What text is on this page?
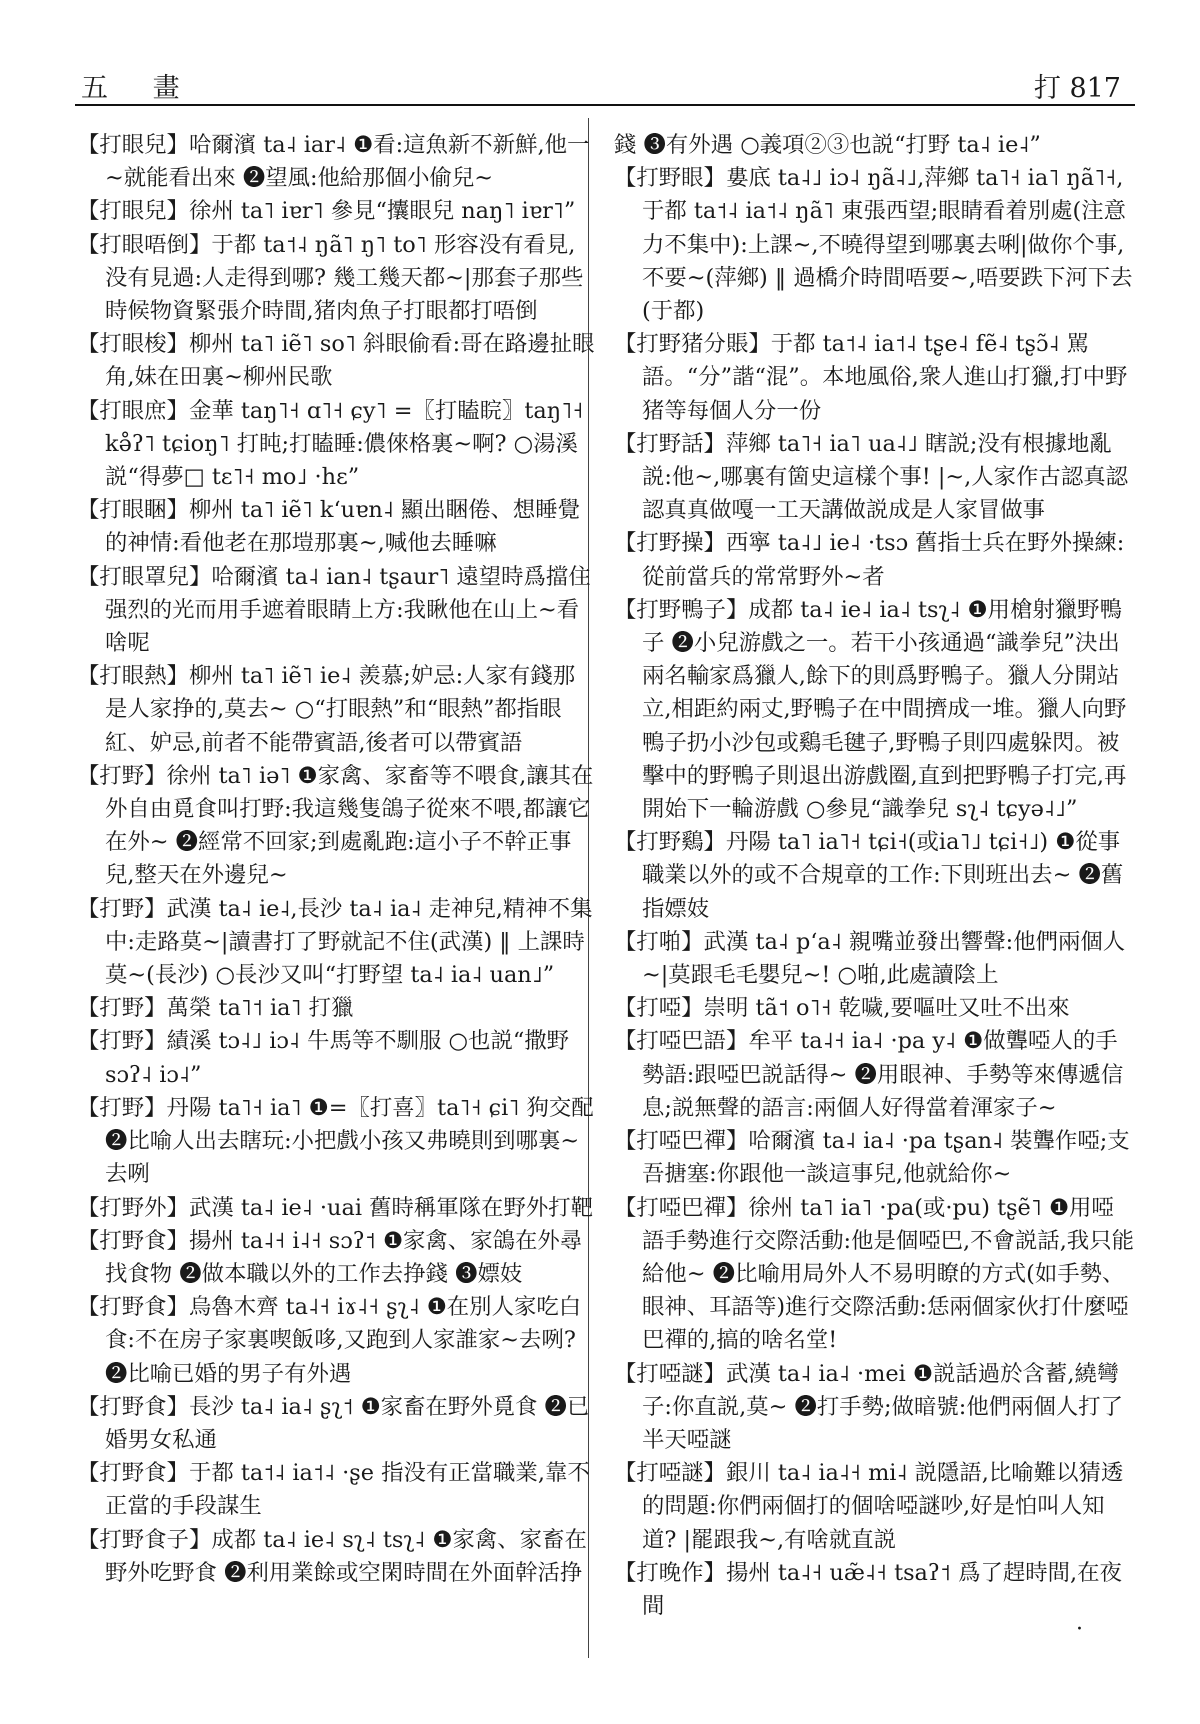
五 畫	打 817

【打眼兒】哈爾濱 ta˨ iar˨ ❶看:這魚新不新鮮,他一~就能看出來 ❷望風:他給那個小偷兒~

【打眼兒】徐州 ta˥ iɐr˥ 參見“攮眼兒 naŋ˥ iɐr˥”

【打眼唔倒】于都 ta˦˨ ŋã˥ ŋ˥ to˥ 形容没有看見,没有見過:人走得到哪? 幾工幾天都~|那套子那些時候物資緊張介時間,猪肉魚子打眼都打唔倒

【打眼梭】柳州 ta˥ iẽ˥ so˥ 斜眼偷看:哥在路邊扯眼角,妹在田裏~柳州民歌

【打眼庶】金華 taŋ˥˧ ɑ˥˧ ɕy˥ =〖打瞌睆〗taŋ˥˧ kə̊ʔ˥ tɕioŋ˥ 打盹;打瞌睡:儂倈格裏~啊? ○湯溪説“得夢□ tɛ˥˧ mo˩ ·hɛ”

【打眼睏】柳州 ta˥ iẽ˥ kʻuɐn˨ 顯出睏倦、想睡覺的神情:看他老在那塏那裏~,喊他去睡嘛

【打眼罩兒】哈爾濱 ta˨ ian˨ tʂaur˥ 遠望時爲擋住强烈的光而用手遮着眼睛上方:我瞅他在山上~看啥呢

【打眼熱】柳州 ta˥ iẽ˥ ie˨ 羨慕;妒忌:人家有錢那是人家挣的,莫去~ ○“打眼熱”和“眼熱”都指眼紅、妒忌,前者不能帶賓語,後者可以帶賓語

【打野】徐州 ta˥ iə˥ ❶家禽、家畜等不喂食,讓其在外自由覓食叫打野:我這幾隻鴿子從來不喂,都讓它在外~ ❷經常不回家;到處亂跑:這小子不幹正事兒,整天在外邊兒~

【打野】武漢 ta˨ ie˨,長沙 ta˨ ia˨ 走神兒,精神不集中:走路莫~|讀書打了野就記不住(武漢) ‖ 上課時莫~(長沙) ○長沙又叫“打野望 ta˨ ia˨ uan˩”

【打野】萬榮 ta˥˦ ia˥ 打獵

【打野】績溪 tɔ˨˩ iɔ˨ 牛馬等不馴服 ○也説“撒野 sɔʔ˨ iɔ˨”

【打野】丹陽 ta˥˧ ia˥ ❶=〖打喜〗ta˥˧ ɕi˥ 狗交配 ❷比喻人出去瞎玩:小把戲小孩又弗曉則到哪裏~去咧

【打野外】武漢 ta˨ ie˨ ·uai 舊時稱軍隊在野外打靶

【打野食】揚州 ta˨˧ i˨˧ sɔʔ˦ ❶家禽、家鴿在外尋找食物 ❷做本職以外的工作去挣錢 ❸嫖妓

【打野食】烏魯木齊 ta˨˧ iɤ˨˧ ʂʅ˨ ❶在別人家吃白食:不在房子家裏喫飯哆,又跑到人家誰家~去咧? ❷比喻已婚的男子有外遇

【打野食】長沙 ta˨ ia˨ ʂʅ˦ ❶家畜在野外覓食 ❷已婚男女私通

【打野食】于都 ta˦˨ ia˦˨ ·ʂe 指没有正當職業,靠不正當的手段謀生

【打野食子】成都 ta˨ ie˨ sʅ˨ tsʅ˨ ❶家禽、家畜在野外吃野食 ❷利用業餘或空閑時間在外面幹活挣

錢 ❸有外遇 ○義項②③也説“打野 ta˨ ie˨”

【打野眼】婁底 ta˨˩ iɔ˨ ŋã˨˩,萍鄉 ta˥˧ ia˥ ŋã˥˧,于都 ta˦˨ ia˦˨ ŋã˥ 東張西望;眼睛看着別處(注意力不集中):上課~,不曉得望到哪裏去唎|做你个事,不要~(萍鄉) ‖ 過橋介時間唔要~,唔要跌下河下去(于都)

【打野猪分賬】于都 ta˦˨ ia˦˨ tʂe˨ fẽ˨ tʂɔ̃˨ 駡語。“分”諧“混”。本地風俗,衆人進山打獵,打中野猪等每個人分一份

【打野話】萍鄉 ta˥˧ ia˥ ua˨˩ 瞎説;没有根據地亂説:他~,哪裏有箇史這樣个事! |~,人家作古認真認認真真做嘎一工天講做説成是人家冒做事

【打野操】西寧 ta˨˩ ie˨ ·tsɔ 舊指士兵在野外操練:從前當兵的常常野外~者

【打野鴨子】成都 ta˨ ie˨ ia˨ tsʅ˨ ❶用槍射獵野鴨子 ❷小兒游戲之一。若干小孩通過“識拳兒”決出兩名輸家爲獵人,餘下的則爲野鴨子。獵人分開站立,相距約兩丈,野鴨子在中間擠成一堆。獵人向野鴨子扔小沙包或鷄毛毽子,野鴨子則四處躲閃。被擊中的野鴨子則退出游戲圈,直到把野鴨子打完,再開始下一輪游戲 ○參見“識拳兒 sʅ˨ tɕyə˨˩”

【打野鷄】丹陽 ta˥ ia˥˧ tɕi˧(或ia˥˩ tɕi˧˩) ❶從事職業以外的或不合規章的工作:下則班出去~ ❷舊指嫖妓

【打啪】武漢 ta˨ pʻa˨ 親嘴並發出響聲:他們兩個人~|莫跟毛毛嬰兒~! ○啪,此處讀陰上

【打啞】崇明 tã˦ o˥˧ 乾噦,要嘔吐又吐不出來

【打啞巴語】牟平 ta˨˧ ia˨ ·pa y˨ ❶做聾啞人的手勢語:跟啞巴説話得~ ❷用眼神、手勢等來傳遞信息;説無聲的語言:兩個人好得當着渾家子~

【打啞巴禪】哈爾濱 ta˨ ia˨ ·pa tʂan˨ 裝聾作啞;支吾搪塞:你跟他一談這事兒,他就給你~

【打啞巴禪】徐州 ta˥ ia˥ ·pa(或·pu) tʂẽ˥ ❶用啞語手勢進行交際活動:他是個啞巴,不會説話,我只能給他~ ❷比喻用局外人不易明瞭的方式(如手勢、眼神、耳語等)進行交際活動:恁兩個家伙打什麼啞巴禪的,搞的啥名堂!

【打啞謎】武漢 ta˨ ia˨ ·mei ❶説話過於含蓄,繞彎子:你直説,莫~ ❷打手勢;做暗號:他們兩個人打了半天啞謎

【打啞謎】銀川 ta˨ ia˨˧ mi˨ 説隱語,比喻難以猜透的問題:你們兩個打的個啥啞謎吵,好是怕叫人知道? |罷跟我~,有啥就直説

【打晚作】揚州 ta˨˧ uæ̃˨˧ tsaʔ˦ 爲了趕時間,在夜間

·
